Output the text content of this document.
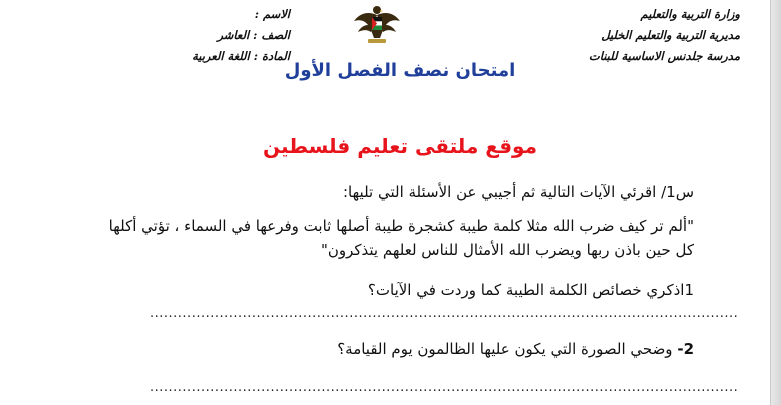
وزارة التربية والتعليم
مديرية التربية والتعليم الخليل
مدرسة جلدنس الاساسية للبنات
الاسم :
الصف : العاشر
المادة : اللغة العربية
امتحان نصف الفصل الأول
موقع ملتقى تعليم فلسطين
س1/ اقرئي الآيات التالية ثم أجيبي عن الأسئلة التي تليها:
"ألم تر كيف ضرب الله مثلا كلمة طيبة كشجرة طيبة أصلها ثابت وفرعها في السماء ، تؤتي أكلها
كل حين باذن ربها ويضرب الله الأمثال للناس لعلهم يتذكرون"
1اذكري خصائص الكلمة الطيبة كما وردت في الآيات؟
...............................................................................................................................
2- وضحي الصورة التي يكون عليها الظالمون يوم القيامة؟
...............................................................................................................................
